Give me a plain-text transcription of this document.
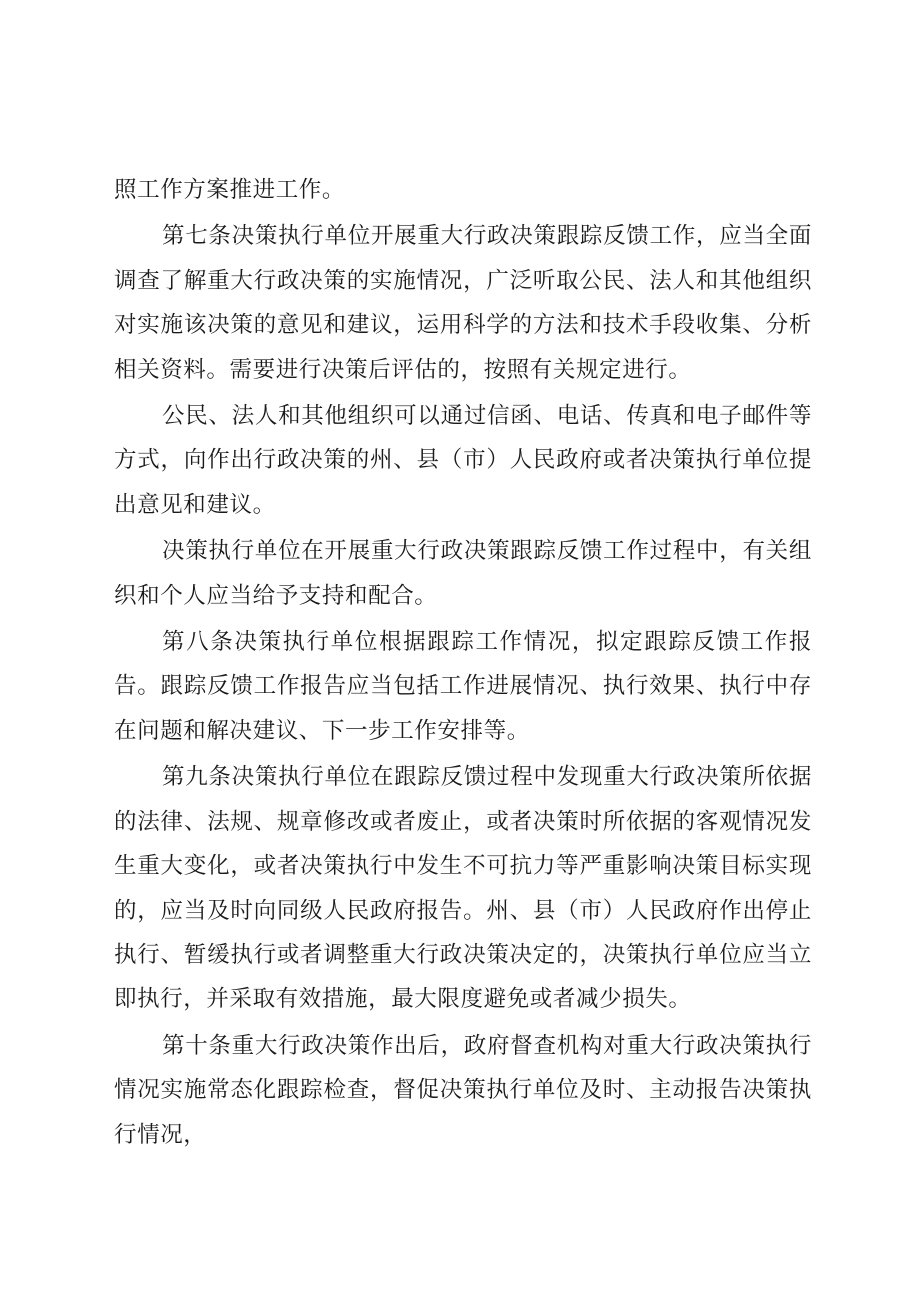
照工作方案推进工作。

第七条决策执行单位开展重大行政决策跟踪反馈工作，应当全面调查了解重大行政决策的实施情况，广泛听取公民、法人和其他组织对实施该决策的意见和建议，运用科学的方法和技术手段收集、分析相关资料。需要进行决策后评估的，按照有关规定进行。

公民、法人和其他组织可以通过信函、电话、传真和电子邮件等方式，向作出行政决策的州、县（市）人民政府或者决策执行单位提出意见和建议。

决策执行单位在开展重大行政决策跟踪反馈工作过程中，有关组织和个人应当给予支持和配合。

第八条决策执行单位根据跟踪工作情况，拟定跟踪反馈工作报告。跟踪反馈工作报告应当包括工作进展情况、执行效果、执行中存在问题和解决建议、下一步工作安排等。

第九条决策执行单位在跟踪反馈过程中发现重大行政决策所依据的法律、法规、规章修改或者废止，或者决策时所依据的客观情况发生重大变化，或者决策执行中发生不可抗力等严重影响决策目标实现的，应当及时向同级人民政府报告。州、县（市）人民政府作出停止执行、暂缓执行或者调整重大行政决策决定的，决策执行单位应当立即执行，并采取有效措施，最大限度避免或者减少损失。

第十条重大行政决策作出后，政府督查机构对重大行政决策执行情况实施常态化跟踪检查，督促决策执行单位及时、主动报告决策执行情况，
